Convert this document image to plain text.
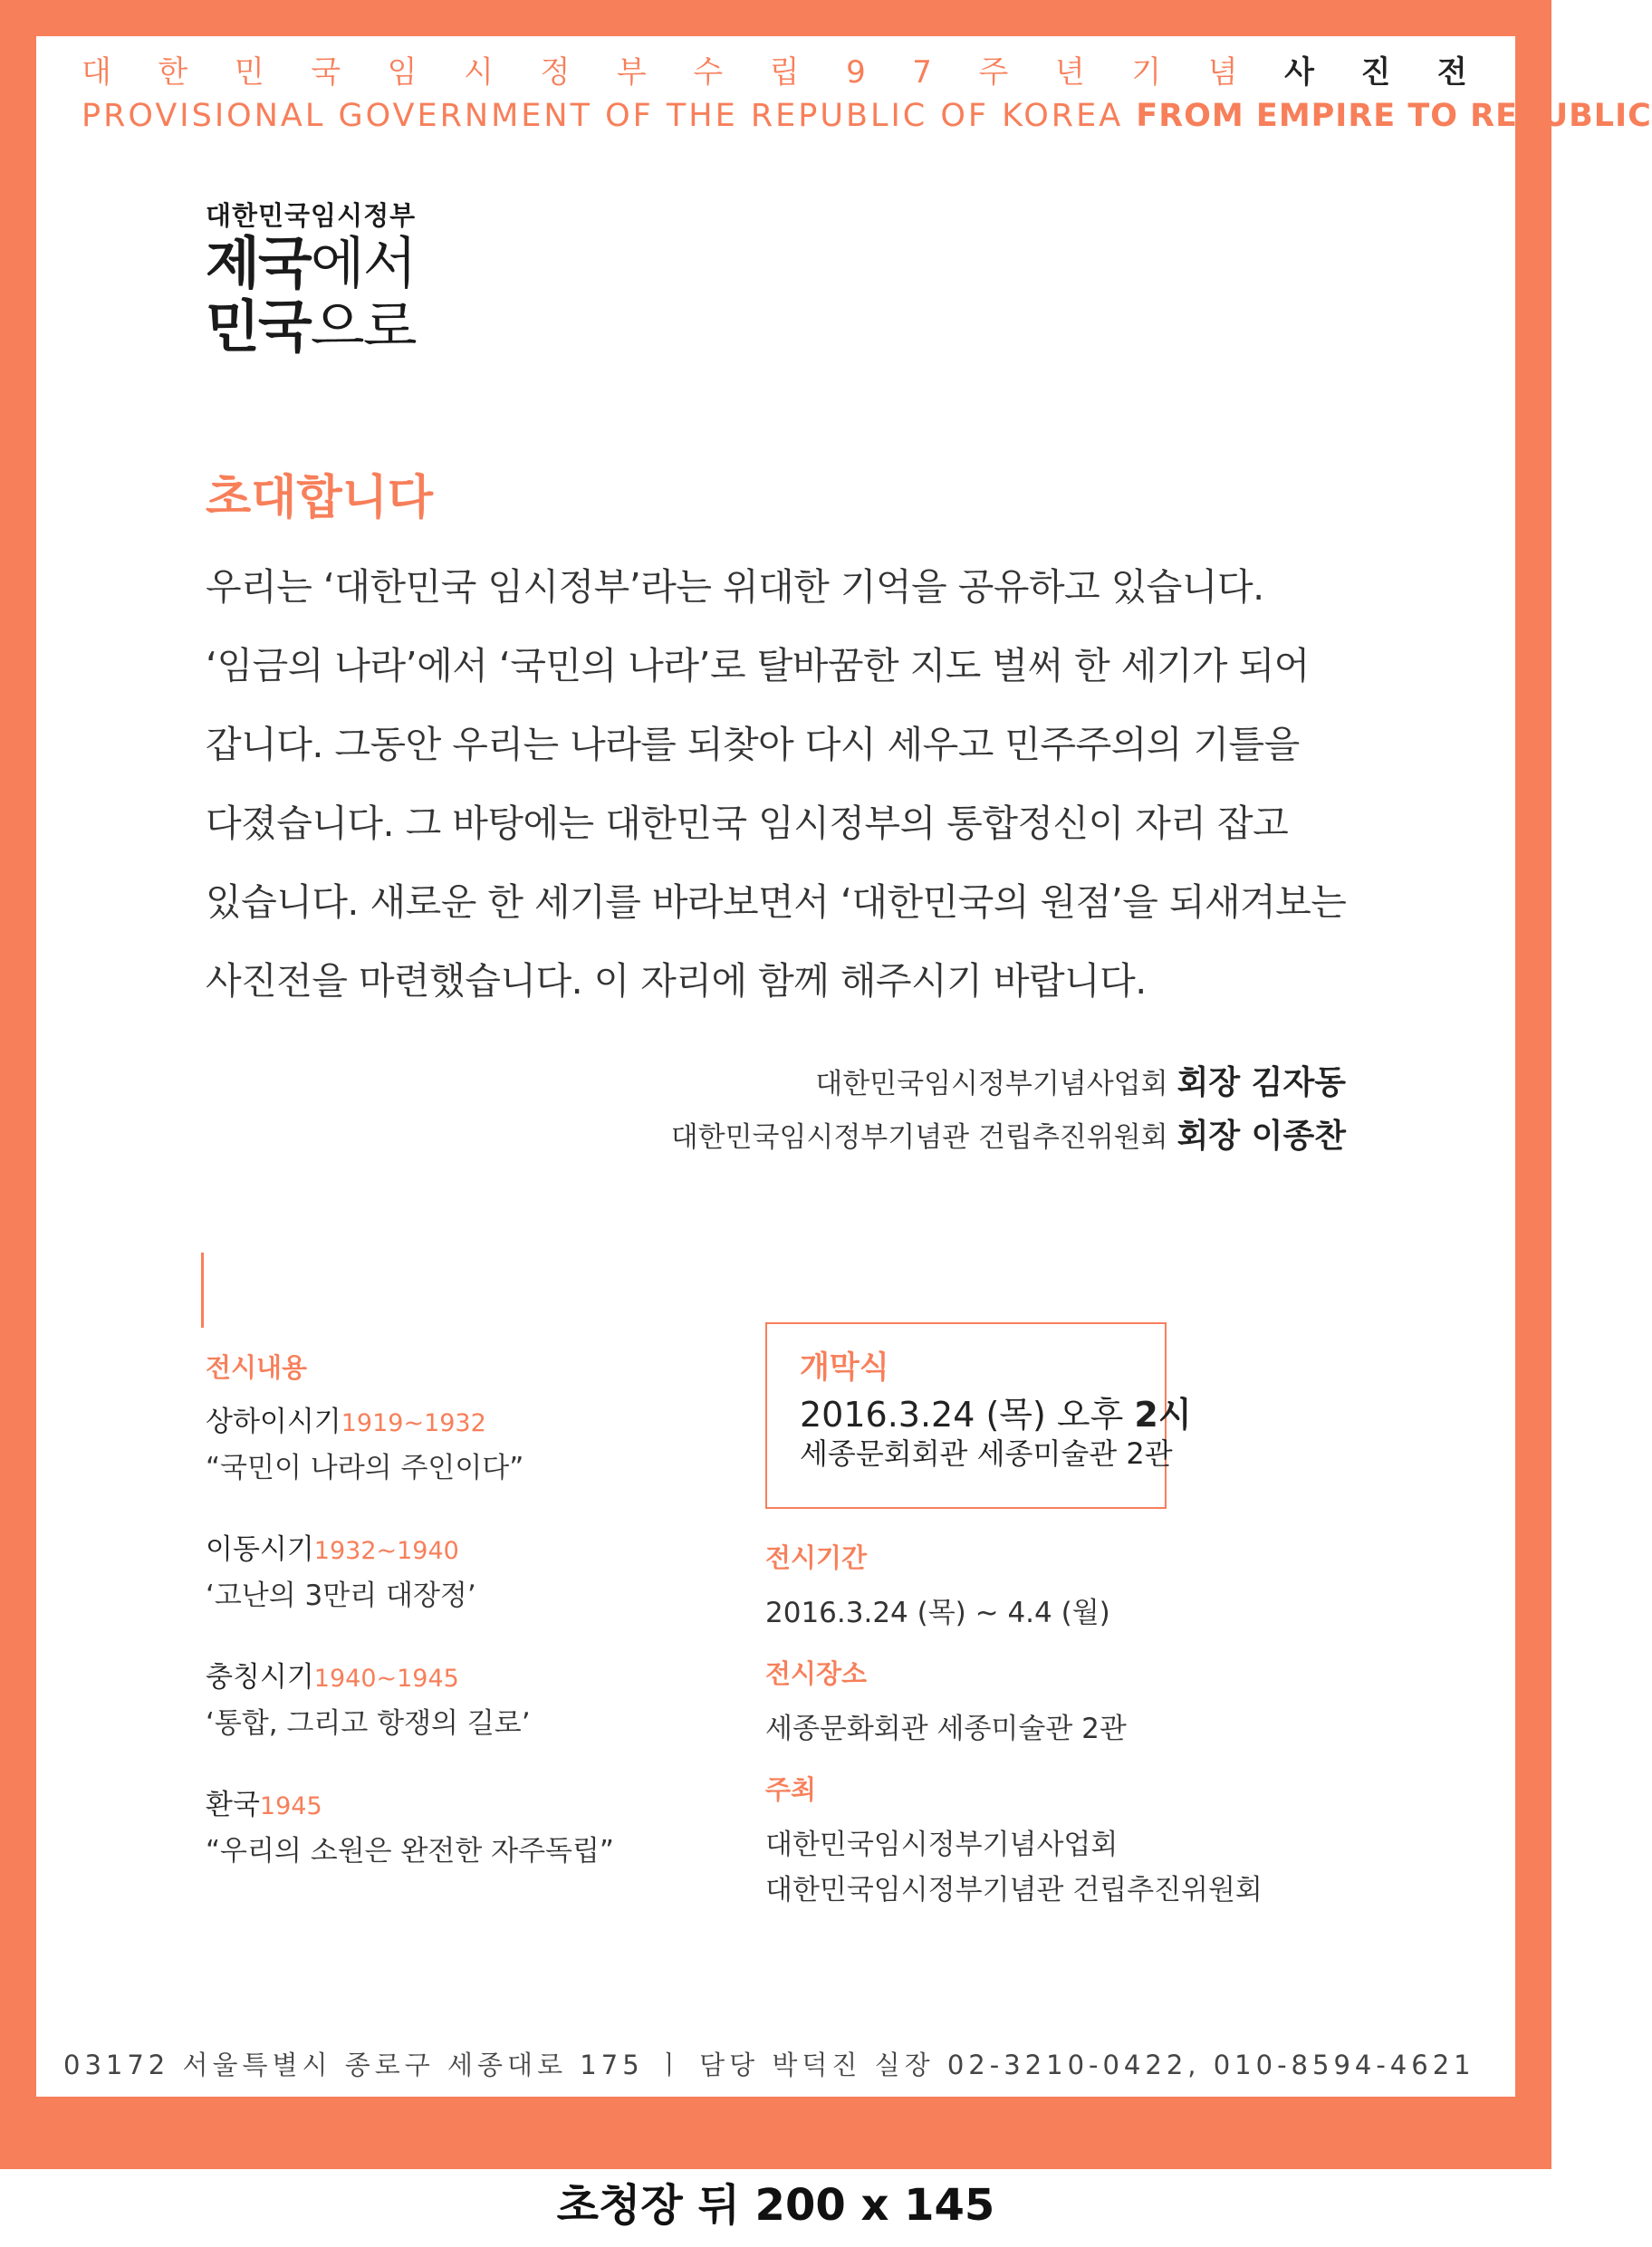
대 한 민 국 임 시 정 부 수 립 9 7 주 년 기 념 사 진 전
PROVISIONAL GOVERNMENT OF THE REPUBLIC OF KOREA FROM EMPIRE TO REPUBLIC
대한민국임시정부
제국에서
민국으로
초대합니다
우리는 ‘대한민국 임시정부’라는 위대한 기억을 공유하고 있습니다.
‘임금의 나라’에서 ‘국민의 나라’로 탈바꿈한 지도 벌써 한 세기가 되어
갑니다. 그동안 우리는 나라를 되찾아 다시 세우고 민주주의의 기틀을
다졌습니다. 그 바탕에는 대한민국 임시정부의 통합정신이 자리 잡고
있습니다. 새로운 한 세기를 바라보면서 ‘대한민국의 원점’을 되새겨보는
사진전을 마련했습니다. 이 자리에 함께 해주시기 바랍니다.
대한민국임시정부기념사업회 회장 김자동
대한민국임시정부기념관 건립추진위원회 회장 이종찬
전시내용
상하이시기1919~1932
“국민이 나라의 주인이다”
이동시기1932~1940
‘고난의 3만리 대장정’
충칭시기1940~1945
‘통합, 그리고 항쟁의 길로’
환국1945
“우리의 소원은 완전한 자주독립”
개막식
2016.3.24 (목) 오후 2시
세종문회회관 세종미술관 2관
전시기간
2016.3.24 (목) ~ 4.4 (월)
전시장소
세종문화회관 세종미술관 2관
주최
대한민국임시정부기념사업회
대한민국임시정부기념관 건립추진위원회
03172 서울특별시 종로구 세종대로 175 ㅣ 담당 박덕진 실장 02-3210-0422, 010-8594-4621
초청장 뒤 200 x 145
